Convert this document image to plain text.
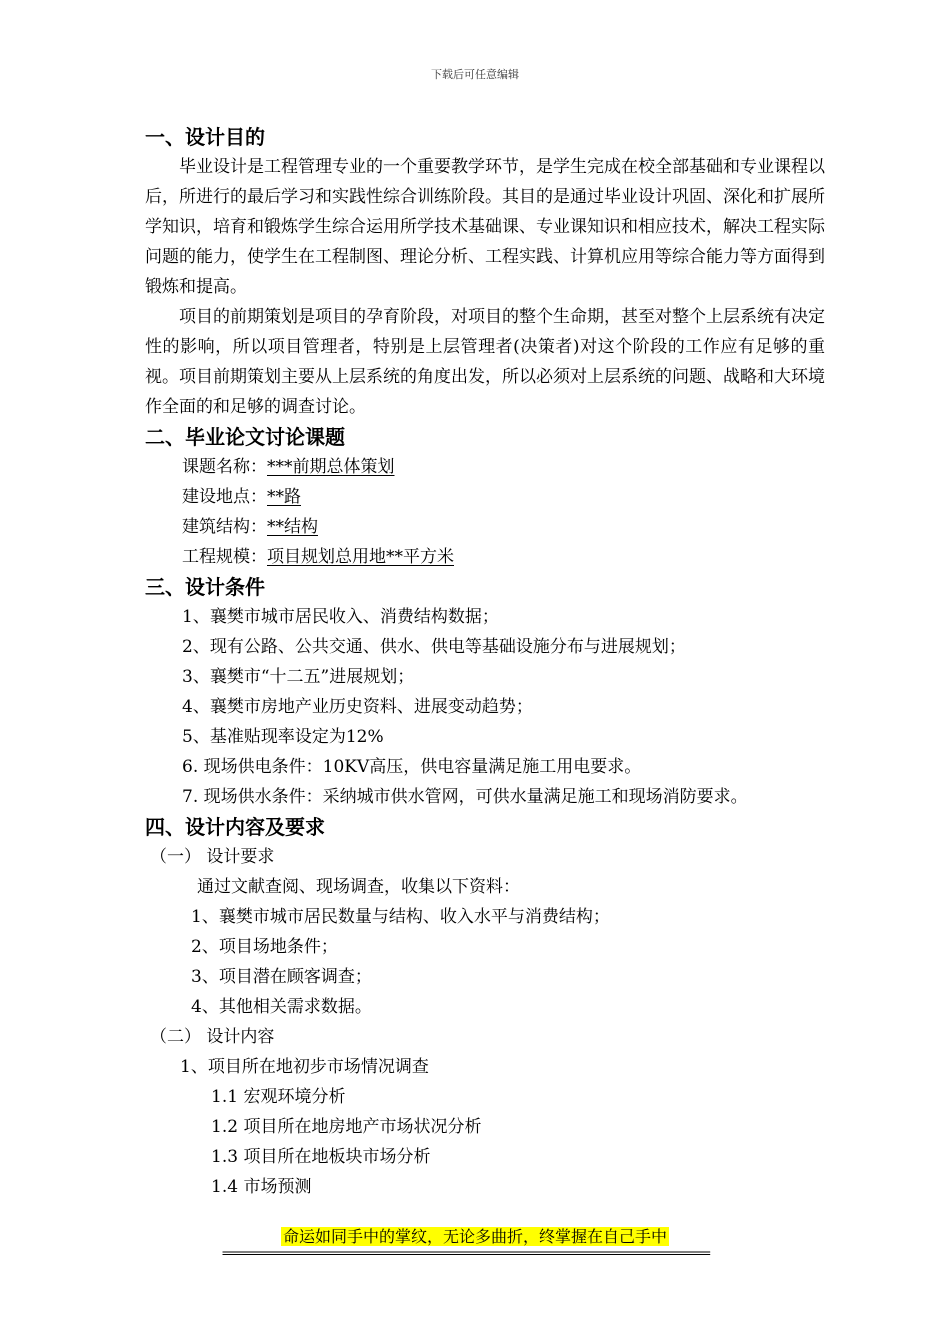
下载后可任意编辑
一、设计目的

毕业设计是工程管理专业的一个重要教学环节，是学生完成在校全部基础和专业课程以后，所进行的最后学习和实践性综合训练阶段。其目的是通过毕业设计巩固、深化和扩展所学知识，培育和锻炼学生综合运用所学技术基础课、专业课知识和相应技术，解决工程实际问题的能力，使学生在工程制图、理论分析、工程实践、计算机应用等综合能力等方面得到锻炼和提高。

项目的前期策划是项目的孕育阶段，对项目的整个生命期，甚至对整个上层系统有决定性的影响，所以项目管理者，特别是上层管理者(决策者)对这个阶段的工作应有足够的重视。项目前期策划主要从上层系统的角度出发，所以必须对上层系统的问题、战略和大环境作全面的和足够的调查讨论。

二、毕业论文讨论课题
课题名称：***前期总体策划
建设地点：**路
建筑结构：**结构
工程规模：项目规划总用地**平方米
三、设计条件
1、襄樊市城市居民收入、消费结构数据；
2、现有公路、公共交通、供水、供电等基础设施分布与进展规划；
3、襄樊市“十二五”进展规划；
4、襄樊市房地产业历史资料、进展变动趋势；
5、基准贴现率设定为12%
6. 现场供电条件：10KV高压，供电容量满足施工用电要求。
7. 现场供水条件：采纳城市供水管网，可供水量满足施工和现场消防要求。
四、设计内容及要求
（一） 设计要求
通过文献查阅、现场调查，收集以下资料：
1、襄樊市城市居民数量与结构、收入水平与消费结构；
2、项目场地条件；
3、项目潜在顾客调查；
4、其他相关需求数据。
（二） 设计内容
1、项目所在地初步市场情况调查
1.1 宏观环境分析
1.2 项目所在地房地产市场状况分析
1.3 项目所在地板块市场分析
1.4 市场预测
命运如同手中的掌纹，无论多曲折，终掌握在自己手中
======================================================================================
